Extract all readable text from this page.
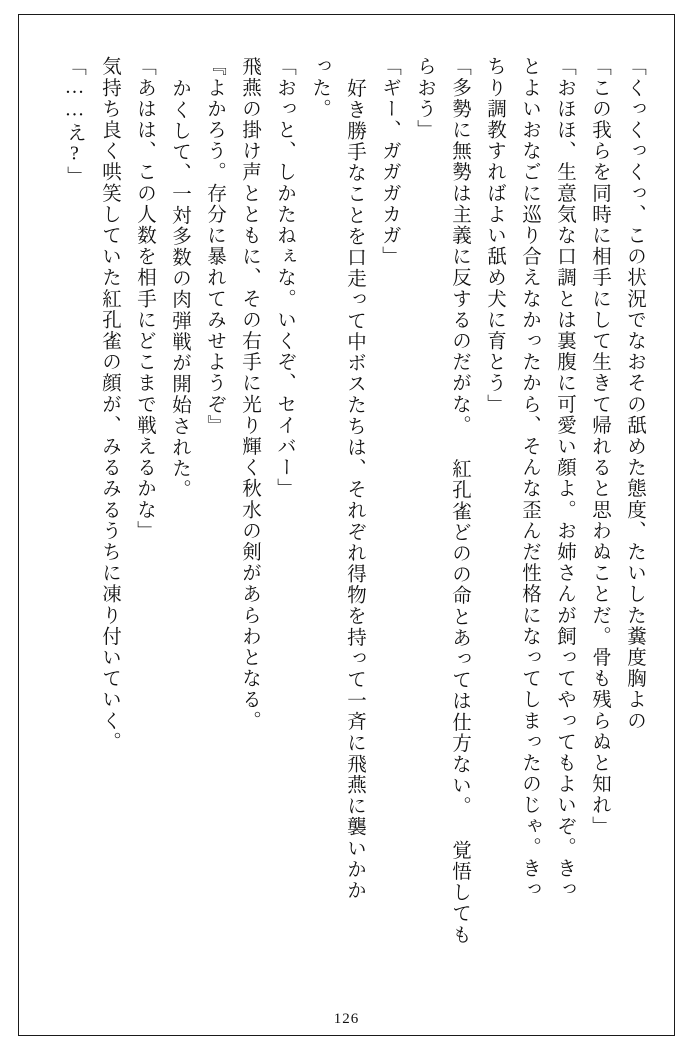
「くっくっくっ、この状況でなおその舐めた態度、たいした糞度胸よの
「この我らを同時に相手にして生きて帰れると思わぬことだ。骨も残らぬと知れ」
「おほほ、生意気な口調とは裏腹に可愛い顔よ。お姉さんが飼ってやってもよいぞ。きっ
とよいおなごに巡り合えなかったから、そんな歪んだ性格になってしまったのじゃ。きっ
ちり調教すればよい舐め犬に育とう」
「多勢に無勢は主義に反するのだがな。 紅孔雀どのの命とあっては仕方ない。 覚悟しても
らおう」
「ギー、ガガガカガ」
好き勝手なことを口走って中ボスたちは、それぞれ得物を持って一斉に飛燕に襲いかか
った。
「おっと、しかたねぇな。いくぞ、セイバー」
飛燕の掛け声とともに、その右手に光り輝く秋水の剣があらわとなる。
『よかろう。存分に暴れてみせようぞ』
かくして、一対多数の肉弾戦が開始された。
「あはは、この人数を相手にどこまで戦えるかな」
気持ち良く哄笑していた紅孔雀の顔が、みるみるうちに凍り付いていく。
「……え?」
126
